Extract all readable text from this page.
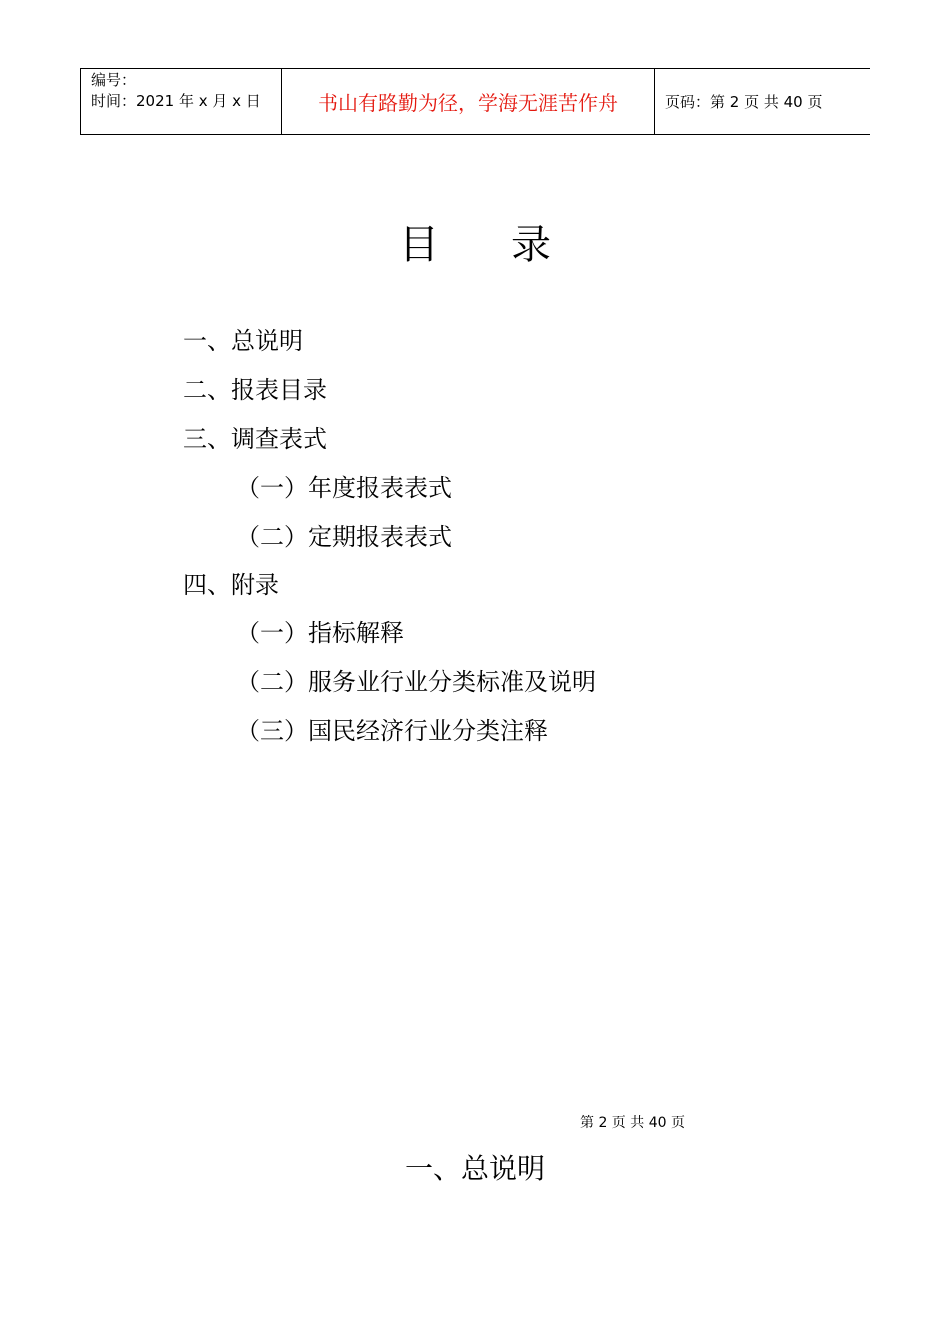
编号：
时间：2021 年 x 月 x 日	书山有路勤为径，学海无涯苦作舟	页码：第 2 页 共 40 页
目录
一、总说明
二、报表目录
三、调查表式
（一）年度报表表式
（二）定期报表表式
四、附录
（一）指标解释
（二）服务业行业分类标准及说明
（三）国民经济行业分类注释
第 2 页 共 40 页
一、总说明
